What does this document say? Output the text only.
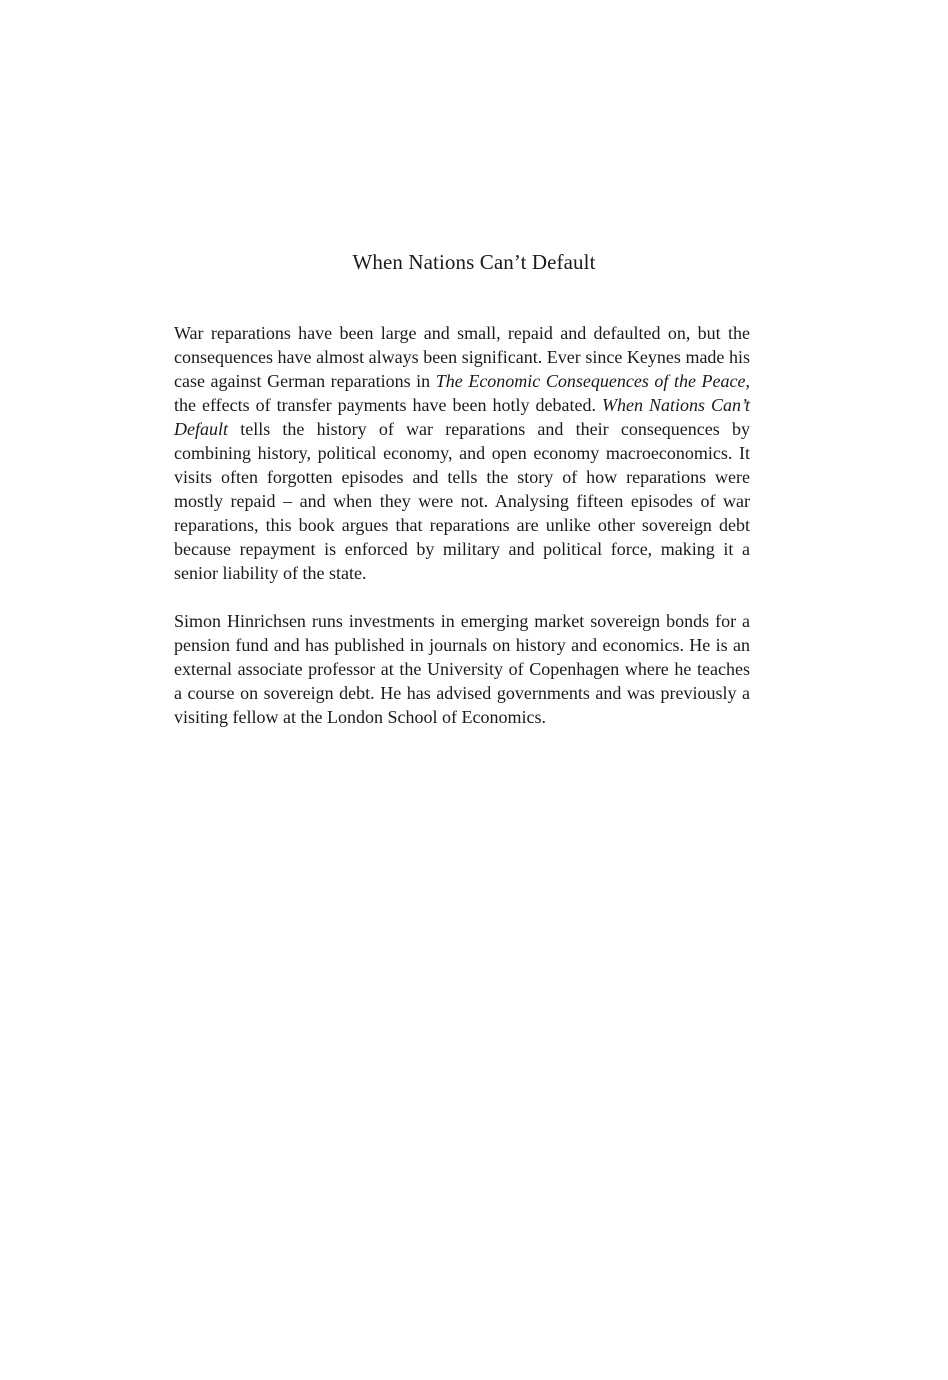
When Nations Can’t Default

War reparations have been large and small, repaid and defaulted on, but the consequences have almost always been significant. Ever since Keynes made his case against German reparations in The Economic Consequences of the Peace, the effects of transfer payments have been hotly debated. When Nations Can’t Default tells the history of war reparations and their consequences by combining history, political economy, and open economy macroeconomics. It visits often forgotten episodes and tells the story of how reparations were mostly repaid – and when they were not. Analysing fifteen episodes of war reparations, this book argues that reparations are unlike other sovereign debt because repayment is enforced by military and political force, making it a senior liability of the state.

Simon Hinrichsen runs investments in emerging market sovereign bonds for a pension fund and has published in journals on history and economics. He is an external associate professor at the University of Copenhagen where he teaches a course on sovereign debt. He has advised governments and was previously a visiting fellow at the London School of Economics.
